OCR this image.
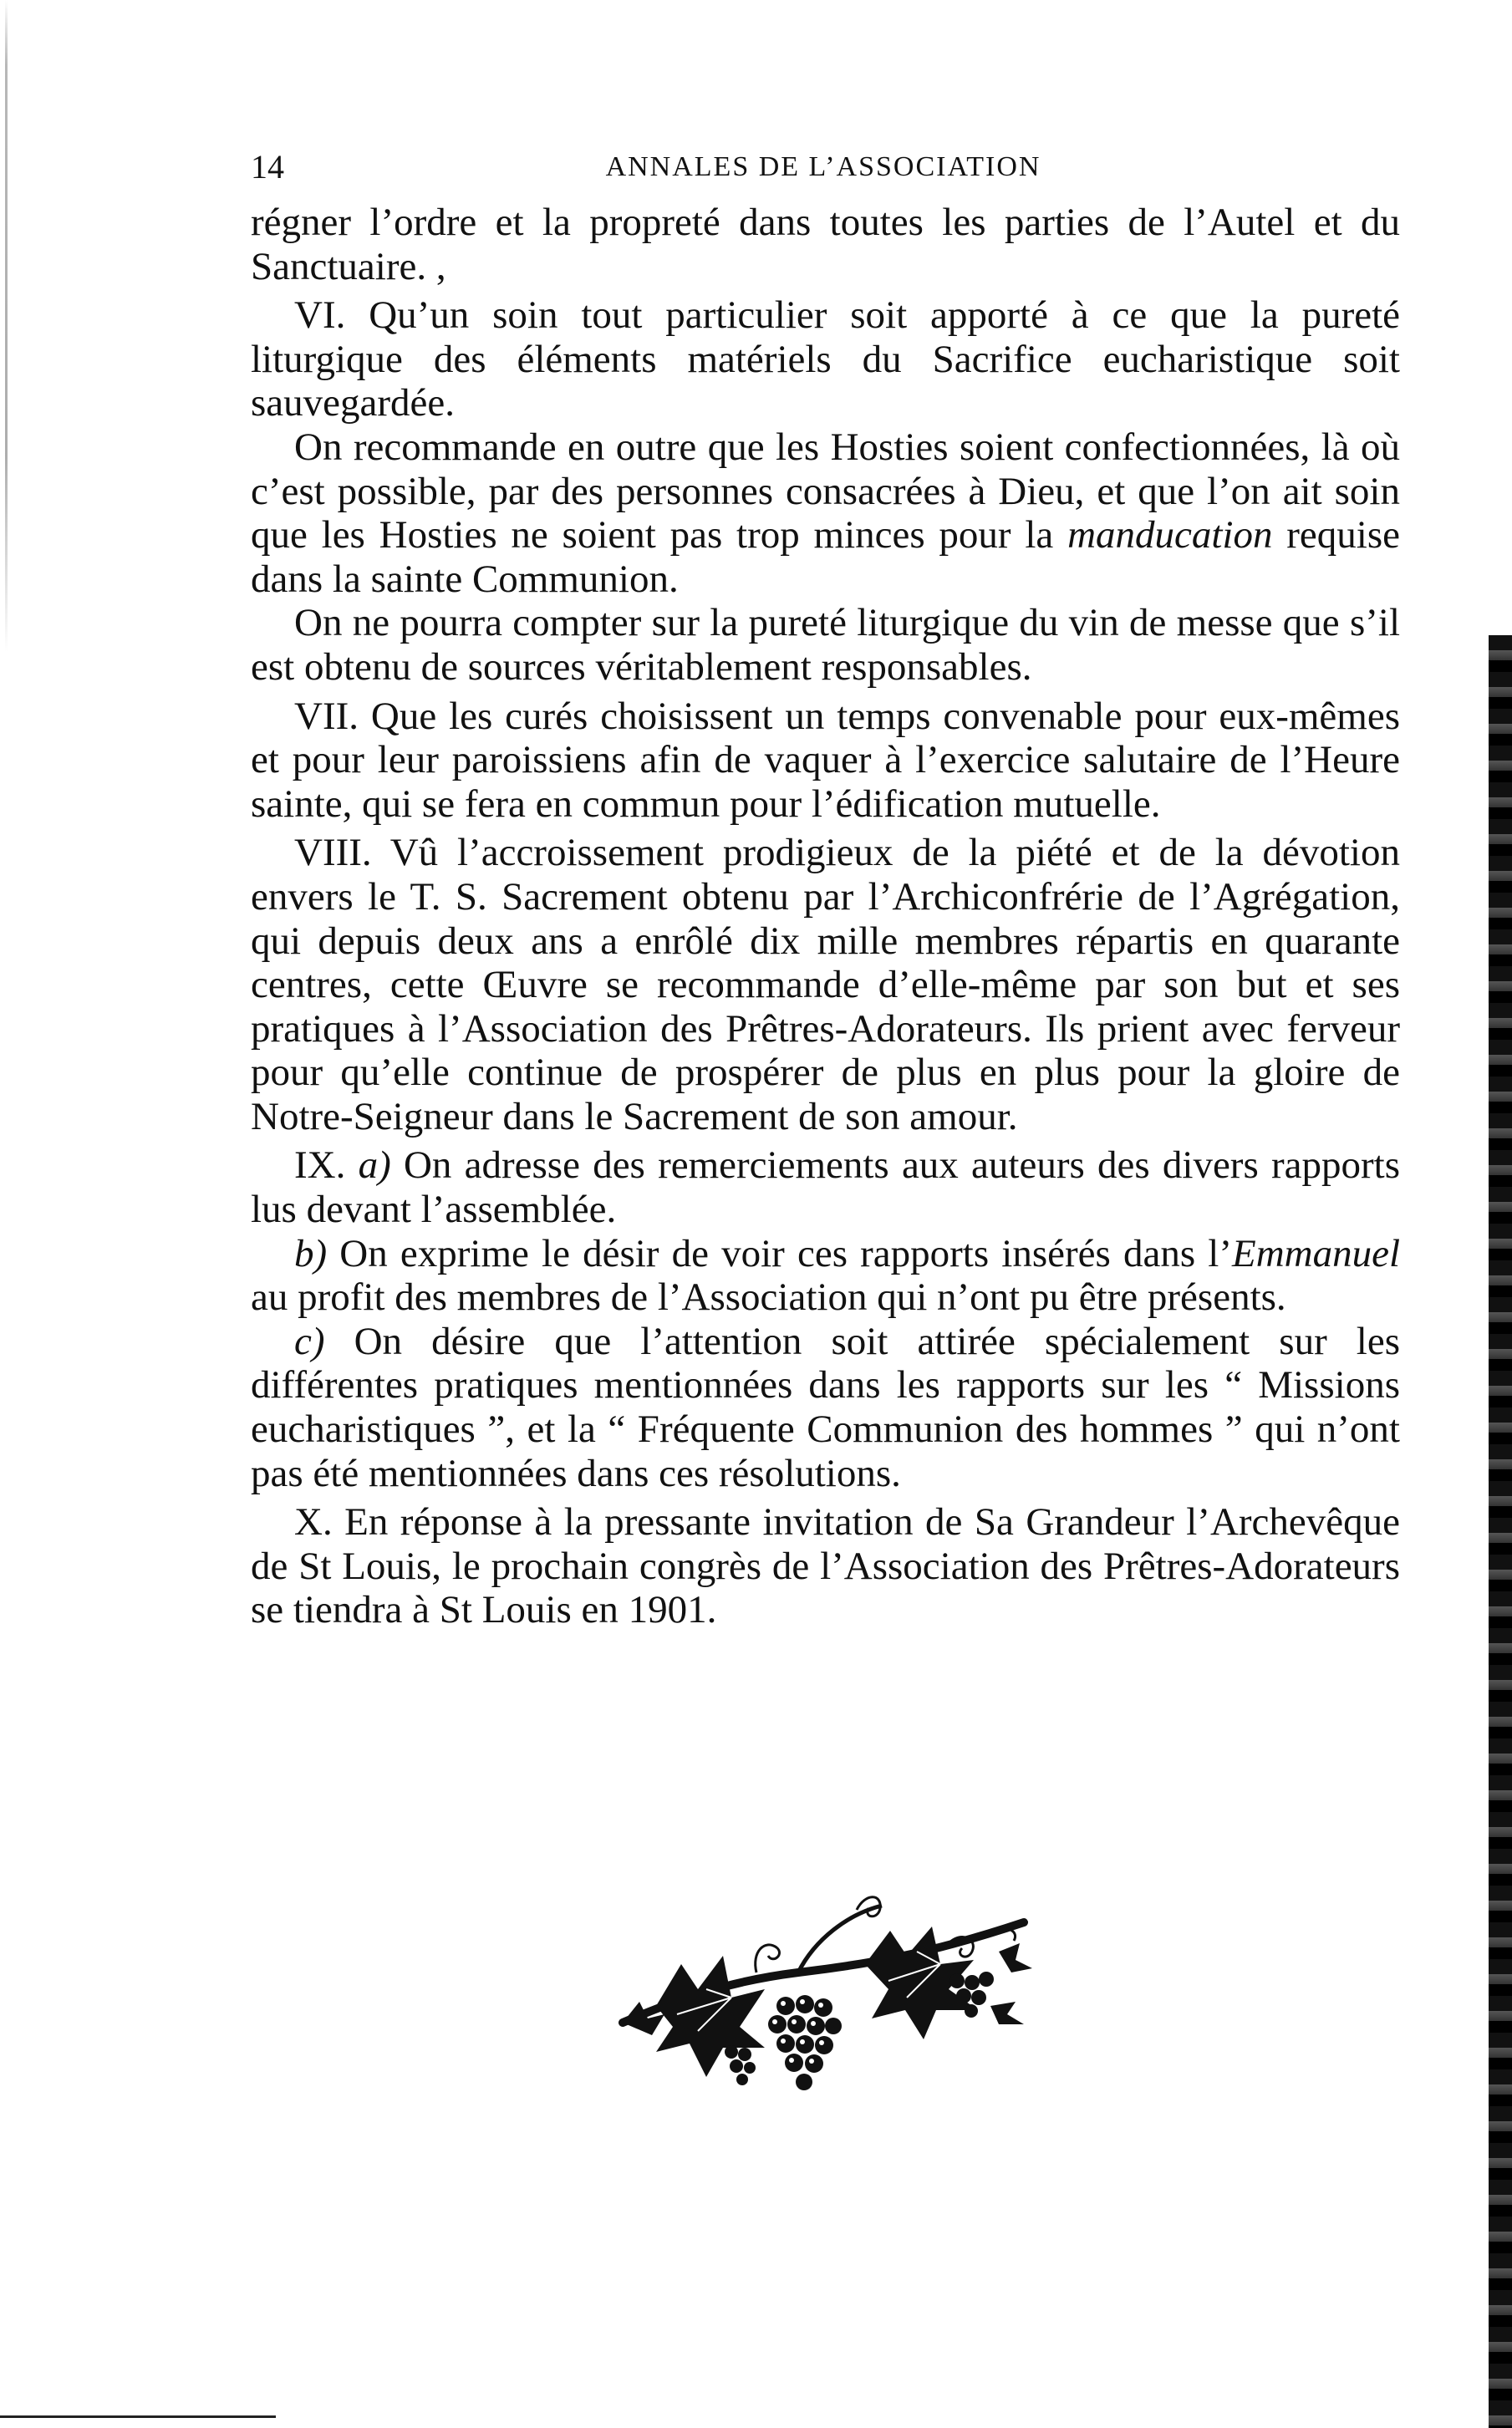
14	ANNALES DE L’ASSOCIATION

régner l’ordre et la propreté dans toutes les parties de l’Autel et du Sanctuaire. ,

VI. Qu’un soin tout particulier soit apporté à ce que la pureté liturgique des éléments matériels du Sacrifice eucharistique soit sauvegardée.

On recommande en outre que les Hosties soient confectionnées, là où c’est possible, par des personnes consacrées à Dieu, et que l’on ait soin que les Hosties ne soient pas trop minces pour la manducation requise dans la sainte Communion.

On ne pourra compter sur la pureté liturgique du vin de messe que s’il est obtenu de sources véritablement responsables.

VII. Que les curés choisissent un temps convenable pour eux-mêmes et pour leur paroissiens afin de vaquer à l’exercice salutaire de l’Heure sainte, qui se fera en commun pour l’édification mutuelle.

VIII. Vû l’accroissement prodigieux de la piété et de la dévotion envers le T. S. Sacrement obtenu par l’Archiconfrérie de l’Agrégation, qui depuis deux ans a enrôlé dix mille membres répartis en quarante centres, cette Œuvre se recommande d’elle-même par son but et ses pratiques à l’Association des Prêtres-Adorateurs. Ils prient avec ferveur pour qu’elle continue de prospérer de plus en plus pour la gloire de Notre-Seigneur dans le Sacrement de son amour.

IX. a) On adresse des remerciements aux auteurs des divers rapports lus devant l’assemblée.

b) On exprime le désir de voir ces rapports insérés dans l’Emmanuel au profit des membres de l’Association qui n’ont pu être présents.

c) On désire que l’attention soit attirée spécialement sur les différentes pratiques mentionnées dans les rapports sur les “ Missions eucharistiques ”, et la “ Fréquente Communion des hommes ” qui n’ont pas été mentionnées dans ces résolutions.

X. En réponse à la pressante invitation de Sa Grandeur l’Archevêque de St Louis, le prochain congrès de l’Association des Prêtres-Adorateurs se tiendra à St Louis en 1901.
